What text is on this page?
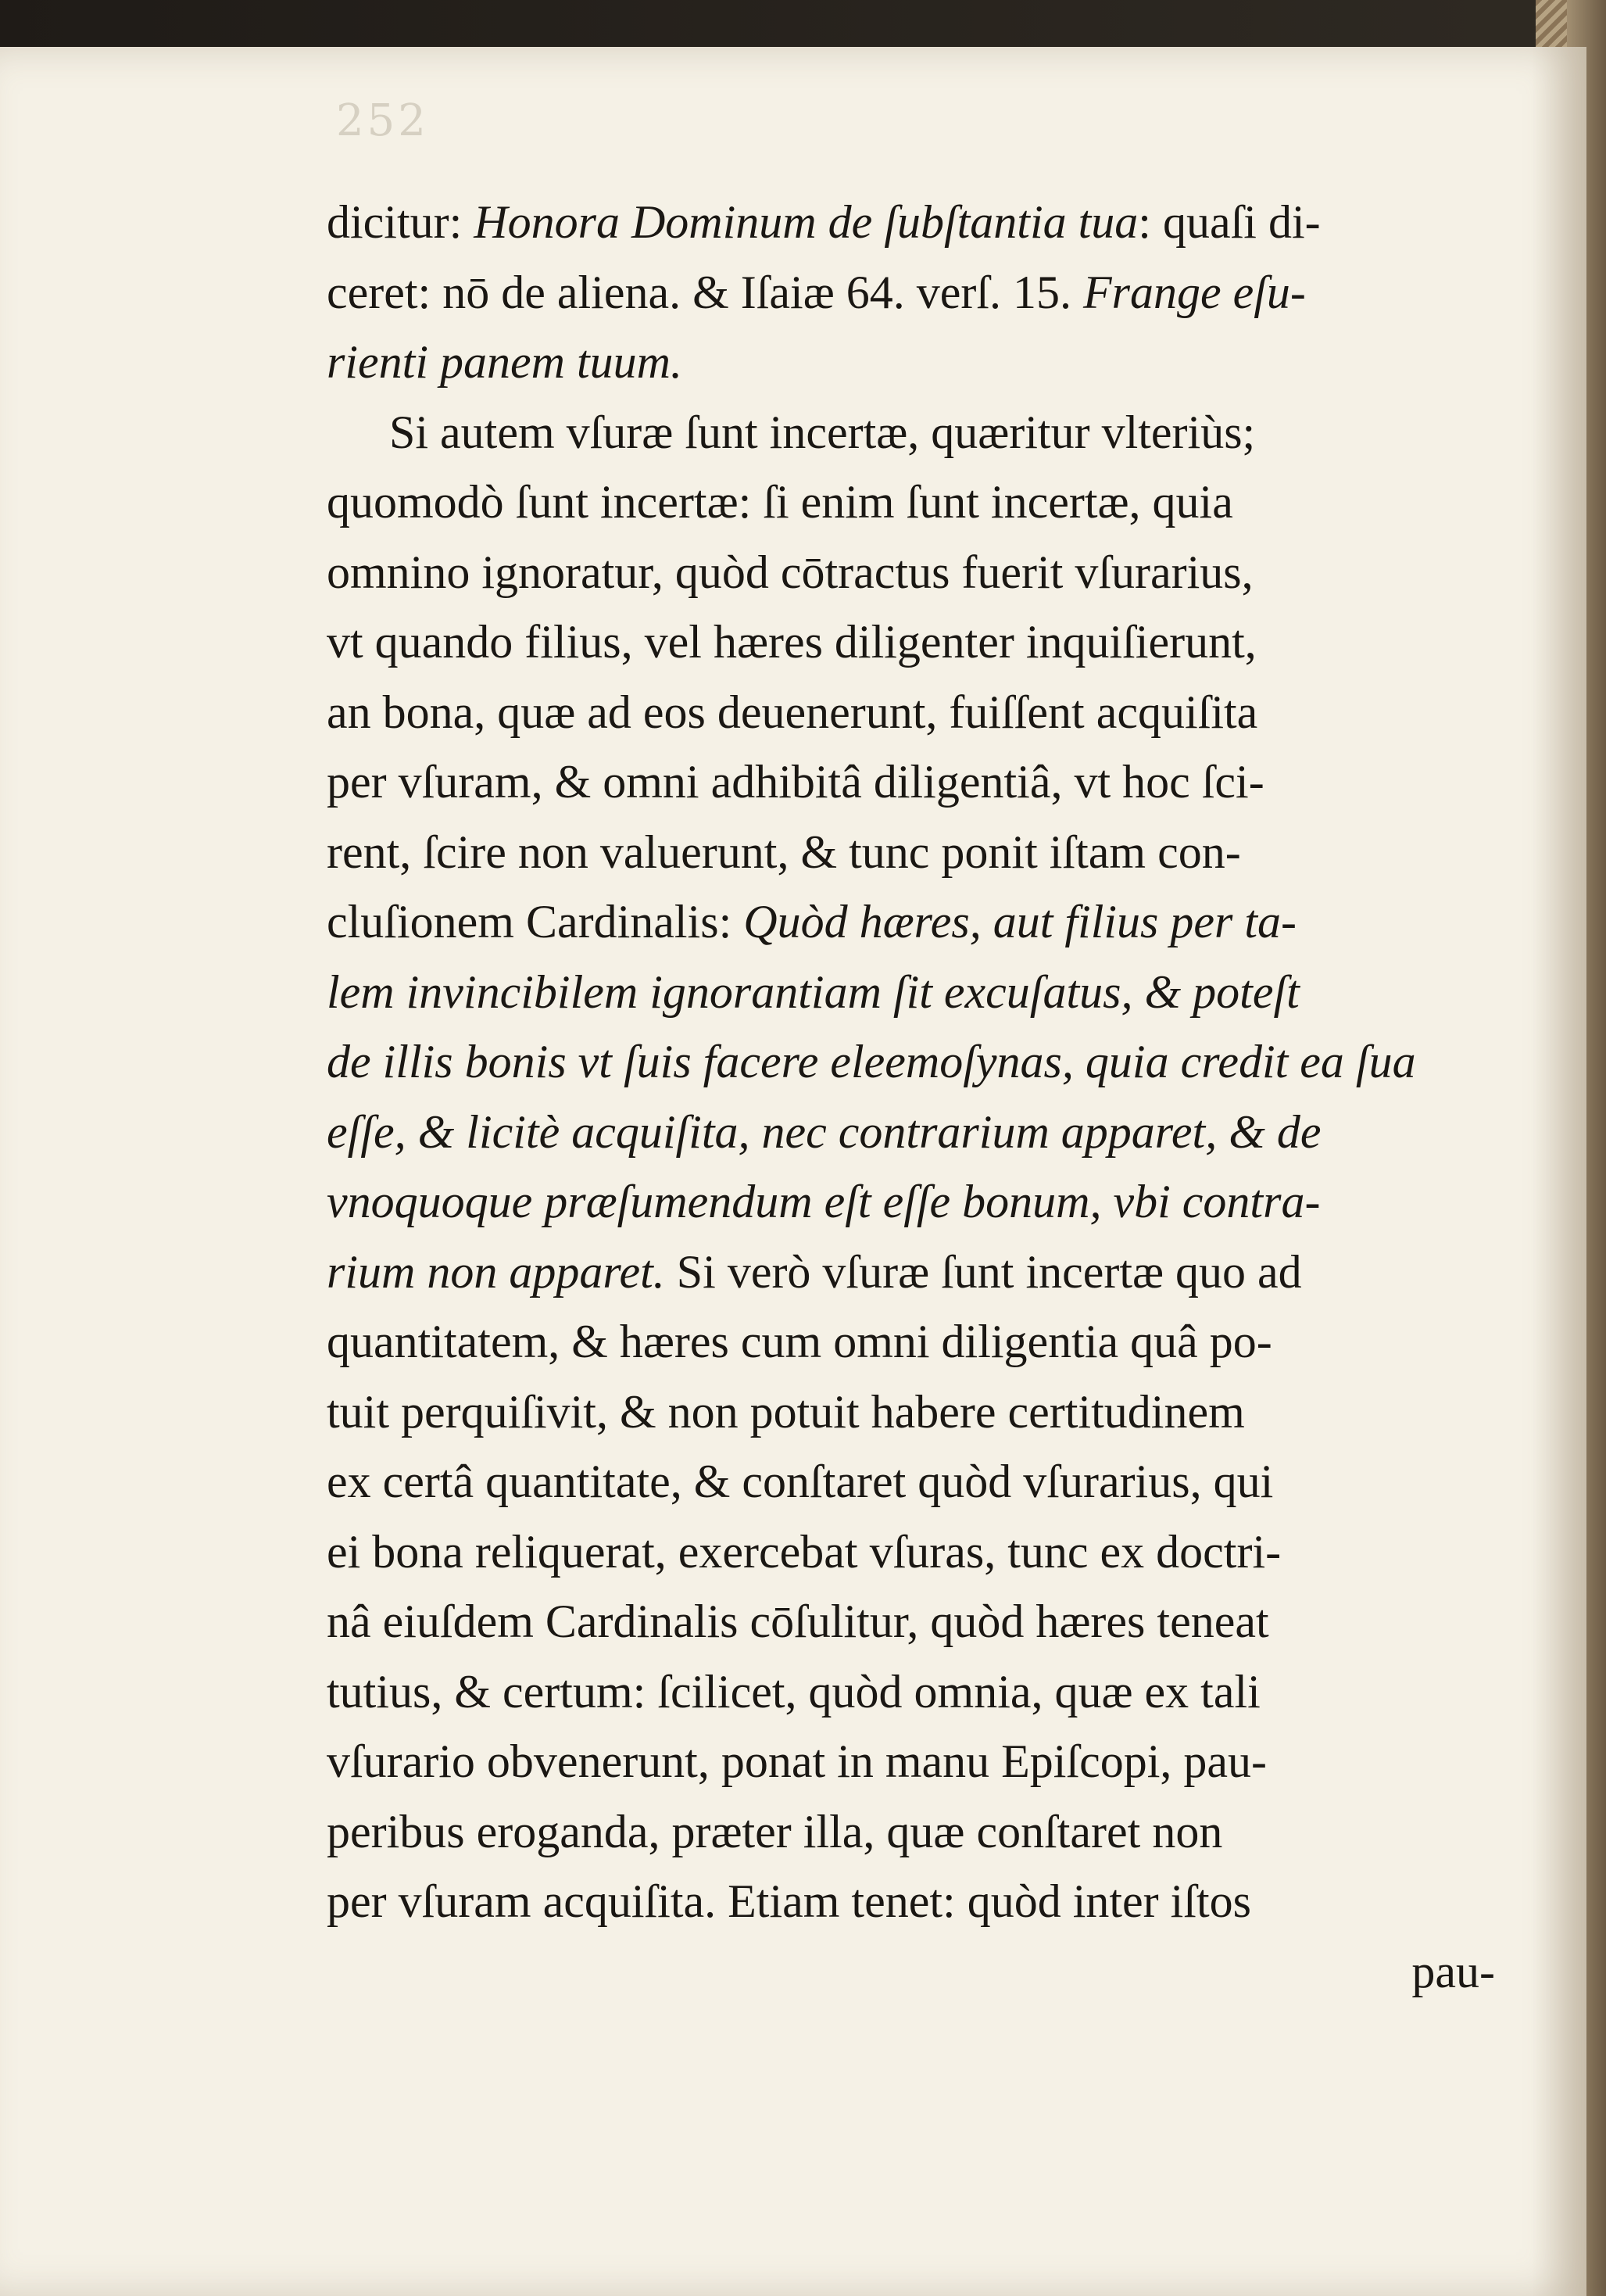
252
dicitur: Honora Dominum de ſubſtantia tua: quaſi di-
ceret: nō de aliena. & Iſaiæ 64. verſ. 15. Frange eſu-
rienti panem tuum.
Si autem vſuræ ſunt incertæ, quæritur vlteriùs;
quomodò ſunt incertæ: ſi enim ſunt incertæ, quia
omnino ignoratur, quòd cōtractus fuerit vſurarius,
vt quando filius, vel hæres diligenter inquiſierunt,
an bona, quæ ad eos deuenerunt, fuiſſent acquiſita
per vſuram, & omni adhibitâ diligentiâ, vt hoc ſci-
rent, ſcire non valuerunt, & tunc ponit iſtam con-
cluſionem Cardinalis: Quòd hæres, aut filius per ta-
lem invincibilem ignorantiam ſit excuſatus, & poteſt
de illis bonis vt ſuis facere eleemoſynas, quia credit ea ſua
eſſe, & licitè acquiſita, nec contrarium apparet, & de
vnoquoque præſumendum eſt eſſe bonum, vbi contra-
rium non apparet. Si verò vſuræ ſunt incertæ quo ad
quantitatem, & hæres cum omni diligentia quâ po-
tuit perquiſivit, & non potuit habere certitudinem
ex certâ quantitate, & conſtaret quòd vſurarius, qui
ei bona reliquerat, exercebat vſuras, tunc ex doctri-
nâ eiuſdem Cardinalis cōſulitur, quòd hæres teneat
tutius, & certum: ſcilicet, quòd omnia, quæ ex tali
vſurario obvenerunt, ponat in manu Epiſcopi, pau-
peribus eroganda, præter illa, quæ conſtaret non
per vſuram acquiſita. Etiam tenet: quòd inter iſtos
pau-
